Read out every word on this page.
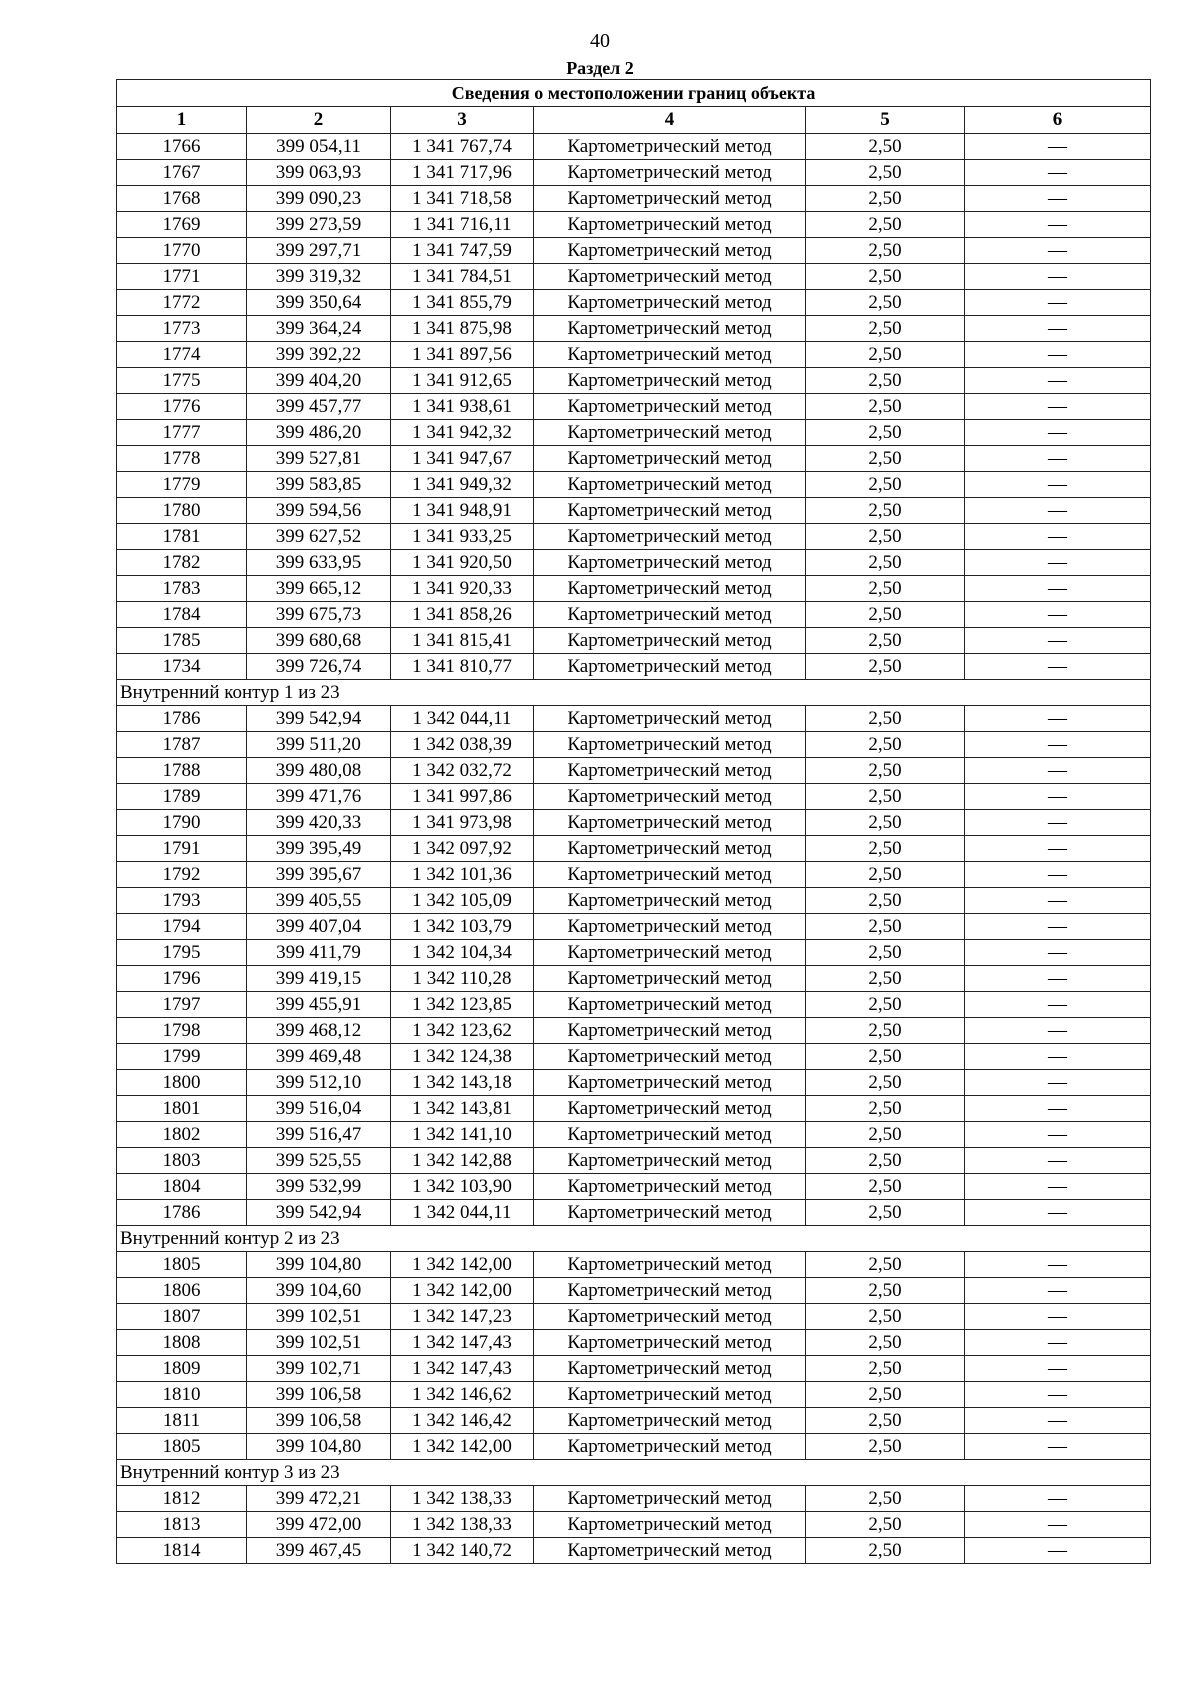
40
Раздел 2
Сведения о местоположении границ объекта					
1	2	3	4	5	6
1766	399 054,11	1 341 767,74	Картометрический метод	2,50	—
1767	399 063,93	1 341 717,96	Картометрический метод	2,50	—
1768	399 090,23	1 341 718,58	Картометрический метод	2,50	—
1769	399 273,59	1 341 716,11	Картометрический метод	2,50	—
1770	399 297,71	1 341 747,59	Картометрический метод	2,50	—
1771	399 319,32	1 341 784,51	Картометрический метод	2,50	—
1772	399 350,64	1 341 855,79	Картометрический метод	2,50	—
1773	399 364,24	1 341 875,98	Картометрический метод	2,50	—
1774	399 392,22	1 341 897,56	Картометрический метод	2,50	—
1775	399 404,20	1 341 912,65	Картометрический метод	2,50	—
1776	399 457,77	1 341 938,61	Картометрический метод	2,50	—
1777	399 486,20	1 341 942,32	Картометрический метод	2,50	—
1778	399 527,81	1 341 947,67	Картометрический метод	2,50	—
1779	399 583,85	1 341 949,32	Картометрический метод	2,50	—
1780	399 594,56	1 341 948,91	Картометрический метод	2,50	—
1781	399 627,52	1 341 933,25	Картометрический метод	2,50	—
1782	399 633,95	1 341 920,50	Картометрический метод	2,50	—
1783	399 665,12	1 341 920,33	Картометрический метод	2,50	—
1784	399 675,73	1 341 858,26	Картометрический метод	2,50	—
1785	399 680,68	1 341 815,41	Картометрический метод	2,50	—
1734	399 726,74	1 341 810,77	Картометрический метод	2,50	—
Внутренний контур 1 из 23					
1786	399 542,94	1 342 044,11	Картометрический метод	2,50	—
1787	399 511,20	1 342 038,39	Картометрический метод	2,50	—
1788	399 480,08	1 342 032,72	Картометрический метод	2,50	—
1789	399 471,76	1 341 997,86	Картометрический метод	2,50	—
1790	399 420,33	1 341 973,98	Картометрический метод	2,50	—
1791	399 395,49	1 342 097,92	Картометрический метод	2,50	—
1792	399 395,67	1 342 101,36	Картометрический метод	2,50	—
1793	399 405,55	1 342 105,09	Картометрический метод	2,50	—
1794	399 407,04	1 342 103,79	Картометрический метод	2,50	—
1795	399 411,79	1 342 104,34	Картометрический метод	2,50	—
1796	399 419,15	1 342 110,28	Картометрический метод	2,50	—
1797	399 455,91	1 342 123,85	Картометрический метод	2,50	—
1798	399 468,12	1 342 123,62	Картометрический метод	2,50	—
1799	399 469,48	1 342 124,38	Картометрический метод	2,50	—
1800	399 512,10	1 342 143,18	Картометрический метод	2,50	—
1801	399 516,04	1 342 143,81	Картометрический метод	2,50	—
1802	399 516,47	1 342 141,10	Картометрический метод	2,50	—
1803	399 525,55	1 342 142,88	Картометрический метод	2,50	—
1804	399 532,99	1 342 103,90	Картометрический метод	2,50	—
1786	399 542,94	1 342 044,11	Картометрический метод	2,50	—
Внутренний контур 2 из 23					
1805	399 104,80	1 342 142,00	Картометрический метод	2,50	—
1806	399 104,60	1 342 142,00	Картометрический метод	2,50	—
1807	399 102,51	1 342 147,23	Картометрический метод	2,50	—
1808	399 102,51	1 342 147,43	Картометрический метод	2,50	—
1809	399 102,71	1 342 147,43	Картометрический метод	2,50	—
1810	399 106,58	1 342 146,62	Картометрический метод	2,50	—
1811	399 106,58	1 342 146,42	Картометрический метод	2,50	—
1805	399 104,80	1 342 142,00	Картометрический метод	2,50	—
Внутренний контур 3 из 23					
1812	399 472,21	1 342 138,33	Картометрический метод	2,50	—
1813	399 472,00	1 342 138,33	Картометрический метод	2,50	—
1814	399 467,45	1 342 140,72	Картометрический метод	2,50	—
